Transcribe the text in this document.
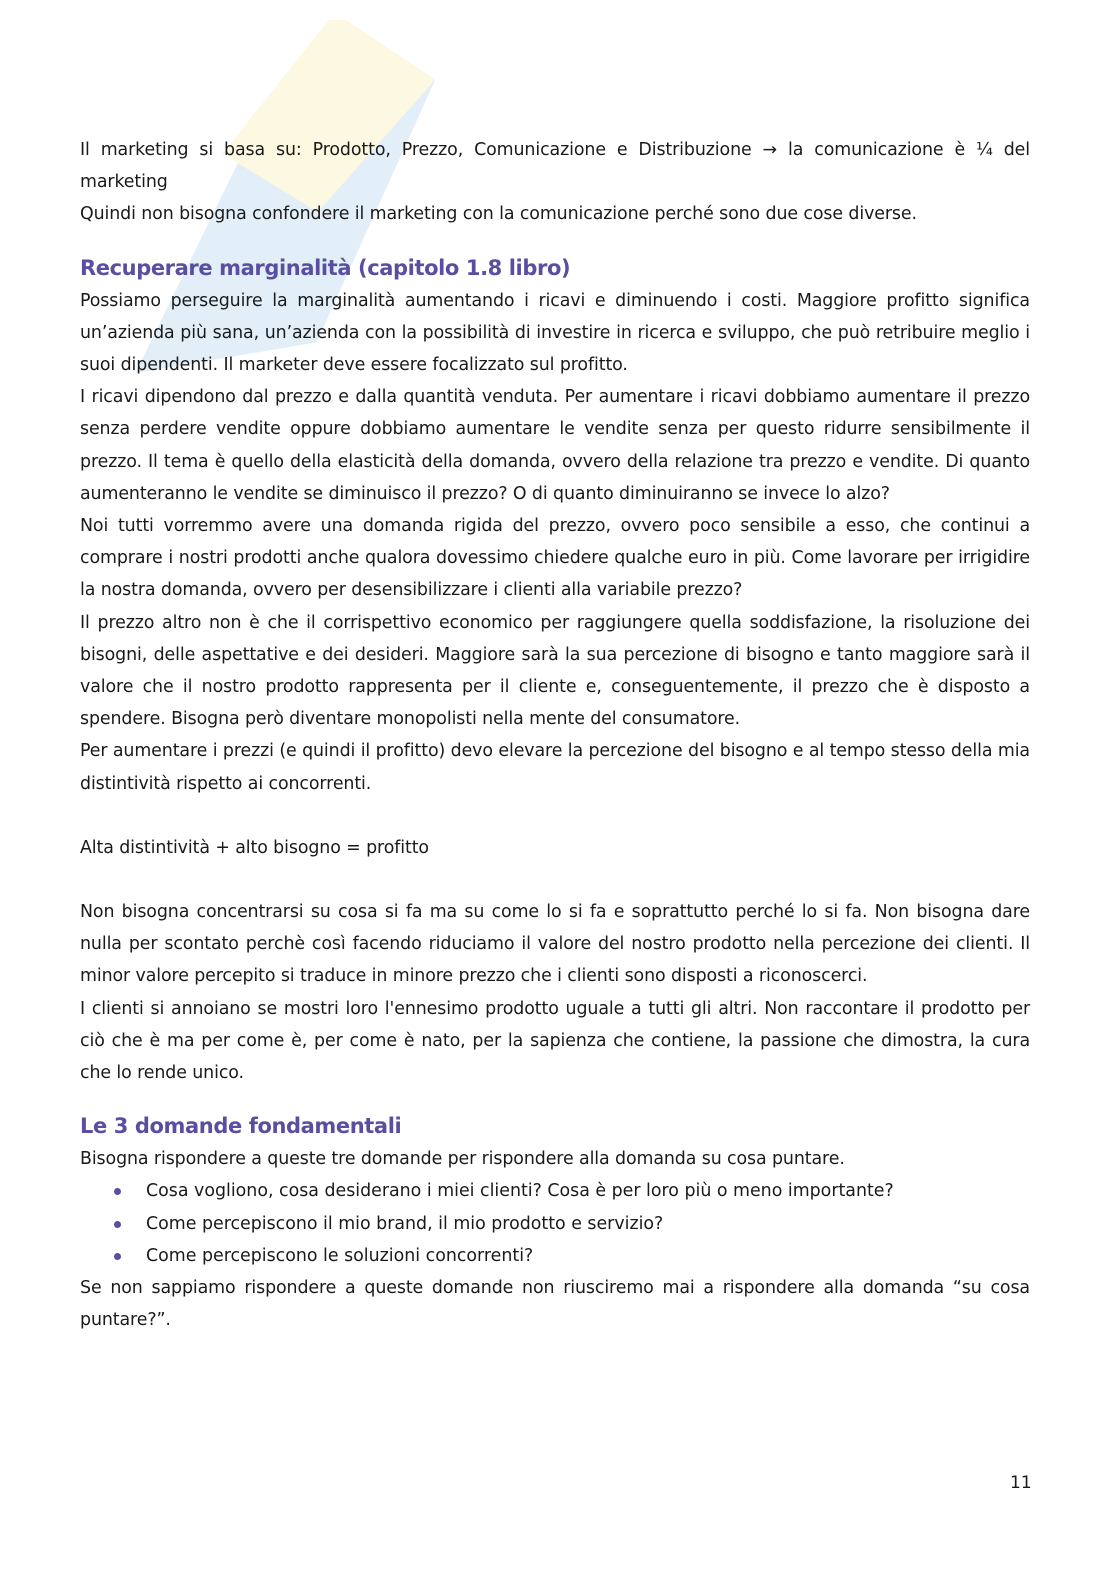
Il marketing si basa su: Prodotto, Prezzo, Comunicazione e Distribuzione → la comunicazione è ¼ del marketing

Quindi non bisogna confondere il marketing con la comunicazione perché sono due cose diverse.

Recuperare marginalità (capitolo 1.8 libro)

Possiamo perseguire la marginalità aumentando i ricavi e diminuendo i costi. Maggiore profitto significa un’azienda più sana, un’azienda con la possibilità di investire in ricerca e sviluppo, che può retribuire meglio i suoi dipendenti. Il marketer deve essere focalizzato sul profitto.

I ricavi dipendono dal prezzo e dalla quantità venduta. Per aumentare i ricavi dobbiamo aumentare il prezzo senza perdere vendite oppure dobbiamo aumentare le vendite senza per questo ridurre sensibilmente il prezzo. Il tema è quello della elasticità della domanda, ovvero della relazione tra prezzo e vendite. Di quanto aumenteranno le vendite se diminuisco il prezzo? O di quanto diminuiranno se invece lo alzo?

Noi tutti vorremmo avere una domanda rigida del prezzo, ovvero poco sensibile a esso, che continui a comprare i nostri prodotti anche qualora dovessimo chiedere qualche euro in più. Come lavorare per irrigidire la nostra domanda, ovvero per desensibilizzare i clienti alla variabile prezzo?

Il prezzo altro non è che il corrispettivo economico per raggiungere quella soddisfazione, la risoluzione dei bisogni, delle aspettative e dei desideri. Maggiore sarà la sua percezione di bisogno e tanto maggiore sarà il valore che il nostro prodotto rappresenta per il cliente e, conseguentemente, il prezzo che è disposto a spendere. Bisogna però diventare monopolisti nella mente del consumatore.

Per aumentare i prezzi (e quindi il profitto) devo elevare la percezione del bisogno e al tempo stesso della mia distintività rispetto ai concorrenti.

Alta distintività + alto bisogno = profitto

Non bisogna concentrarsi su cosa si fa ma su come lo si fa e soprattutto perché lo si fa. Non bisogna dare nulla per scontato perchè così facendo riduciamo il valore del nostro prodotto nella percezione dei clienti. Il minor valore percepito si traduce in minore prezzo che i clienti sono disposti a riconoscerci.

I clienti si annoiano se mostri loro l'ennesimo prodotto uguale a tutti gli altri. Non raccontare il prodotto per ciò che è ma per come è, per come è nato, per la sapienza che contiene, la passione che dimostra, la cura che lo rende unico.

Le 3 domande fondamentali

Bisogna rispondere a queste tre domande per rispondere alla domanda su cosa puntare.

Cosa vogliono, cosa desiderano i miei clienti? Cosa è per loro più o meno importante?
Come percepiscono il mio brand, il mio prodotto e servizio?
Come percepiscono le soluzioni concorrenti?

Se non sappiamo rispondere a queste domande non riusciremo mai a rispondere alla domanda “su cosa puntare?”.

11
